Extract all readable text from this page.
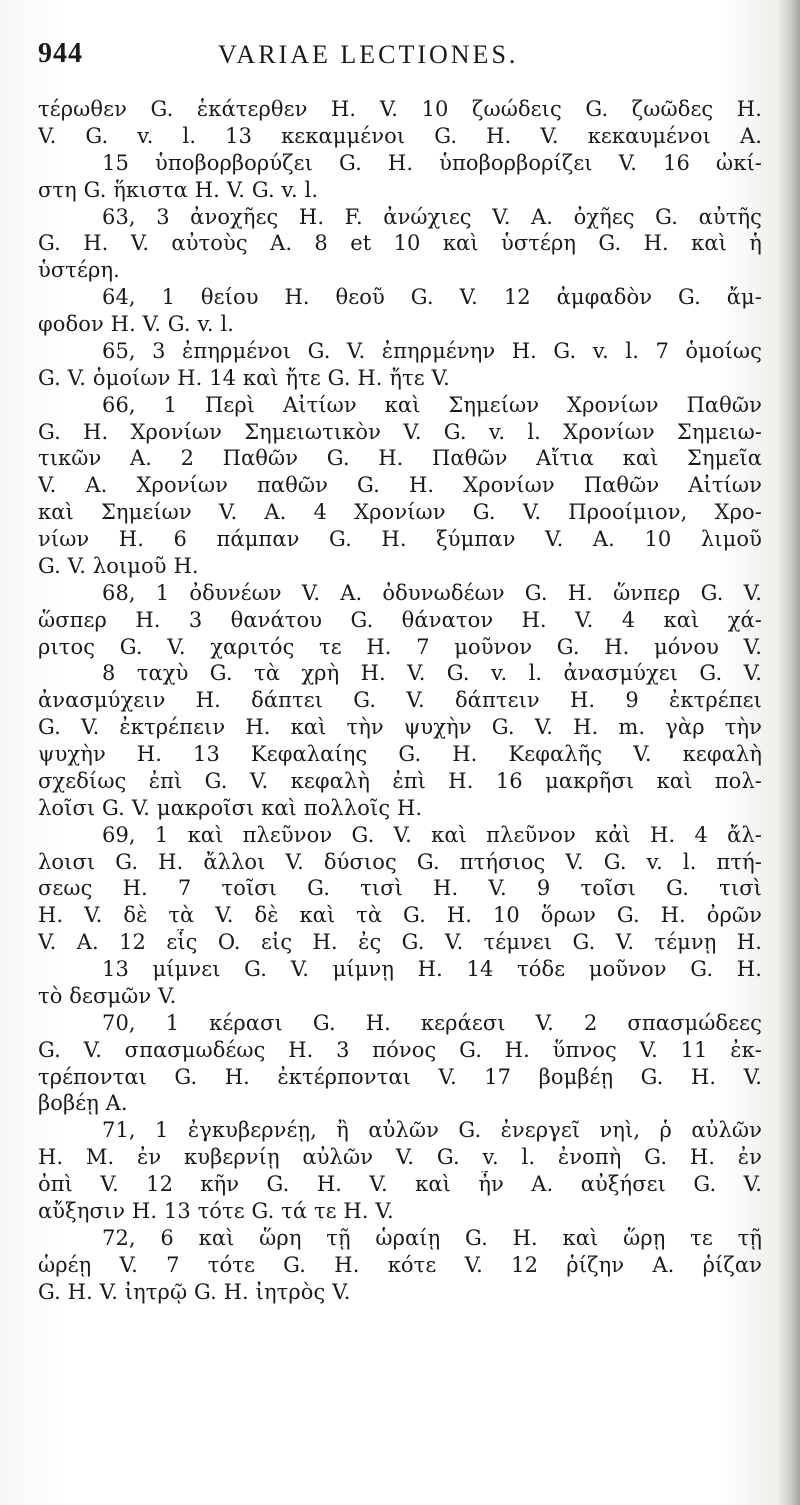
944	VARIAE LECTIONES.
τέρωθεν G. ἑκάτερθεν H. V. 10 ζωώδεις G. ζωῶδες H.
V. G. v. l. 13 κεκαμμένοι G. H. V. κεκαυμένοι A.
15 ὑποβορβορύζει G. H. ὑποβορβορίζει V. 16 ὠκί-
στη G. ἥκιστα H. V. G. v. l.
63, 3 ἀνοχῆες H. F. ἀνώχιες V. A. ὀχῆες G. αὐτῆς
G. H. V. αὐτοὺς A. 8 et 10 καὶ ὑστέρη G. H. καὶ ἡ
ὑστέρη.
64, 1 θείου H. θεοῦ G. V. 12 ἀμφαδὸν G. ἄμ-
φοδον H. V. G. v. l.
65, 3 ἐπηρμένοι G. V. ἐπηρμένην H. G. v. l. 7 ὁμοίως
G. V. ὁμοίων H. 14 καὶ ἤτε G. H. ἤτε V.
66, 1 Περὶ Αἰτίων καὶ Σημείων Χρονίων Παθῶν
G. H. Χρονίων Σημειωτικὸν V. G. v. l. Χρονίων Σημειω-
τικῶν A. 2 Παθῶν G. H. Παθῶν Αἴτια καὶ Σημεῖα
V. A. Χρονίων παθῶν G. H. Χρονίων Παθῶν Αἰτίων
καὶ Σημείων V. A. 4 Χρονίων G. V. Προοίμιον, Χρο-
νίων H. 6 πάμπαν G. H. ξύμπαν V. A. 10 λιμοῦ
G. V. λοιμοῦ H.
68, 1 ὀδυνέων V. A. ὀδυνωδέων G. H. ὥνπερ G. V.
ὥσπερ H. 3 θανάτου G. θάνατον H. V. 4 καὶ χά-
ριτος G. V. χαριτός τε H. 7 μοῦνον G. H. μόνου V.
8 ταχὺ G. τὰ χρὴ H. V. G. v. l. ἀνασμύχει G. V.
ἀνασμύχειν H. δάπτει G. V. δάπτειν H. 9 ἐκτρέπει
G. V. ἐκτρέπειν H. καὶ τὴν ψυχὴν G. V. H. m. γὰρ τὴν
ψυχὴν H. 13 Κεφαλαίης G. H. Κεφαλῆς V. κεφαλὴ
σχεδίως ἐπὶ G. V. κεφαλὴ ἐπὶ H. 16 μακρῆσι καὶ πολ-
λοῖσι G. V. μακροῖσι καὶ πολλοῖς H.
69, 1 καὶ πλεῦνον G. V. καὶ πλεῦνον κἀὶ H. 4 ἄλ-
λοισι G. H. ἄλλοι V. δύσιος G. πτήσιος V. G. v. l. πτή-
σεως H. 7 τοῖσι G. τισὶ H. V. 9 τοῖσι G. τισὶ
H. V. δὲ τὰ V. δὲ καὶ τὰ G. H. 10 ὅρων G. H. ὀρῶν
V. A. 12 εἷς O. εἰς H. ἐς G. V. τέμνει G. V. τέμνῃ H.
13 μίμνει G. V. μίμνῃ H. 14 τόδε μοῦνον G. H.
τὸ δεσμῶν V.
70, 1 κέρασι G. H. κεράεσι V. 2 σπασμώδεες
G. V. σπασμωδέως H. 3 πόνος G. H. ὕπνος V. 11 ἐκ-
τρέπονται G. H. ἐκτέρπονται V. 17 βομβέῃ G. H. V.
βοβέῃ A.
71, 1 ἐγκυβερνέῃ, ἢ αὐλῶν G. ἐνεργεῖ νηὶ, ῥ αὐλῶν
H. M. ἐν κυβερνίῃ αὐλῶν V. G. v. l. ἐνοπὴ G. H. ἐν
ὀπὶ V. 12 κῆν G. H. V. καὶ ἦν A. αὐξήσει G. V.
αὔξησιν H. 13 τότε G. τά τε H. V.
72, 6 καὶ ὥρη τῇ ὡραίῃ G. H. καὶ ὥρῃ τε τῇ
ὡρέῃ V. 7 τότε G. H. κότε V. 12 ῥίζην A. ῥίζαν
G. H. V. ἰητρῷ G. H. ἰητρὸς V.
